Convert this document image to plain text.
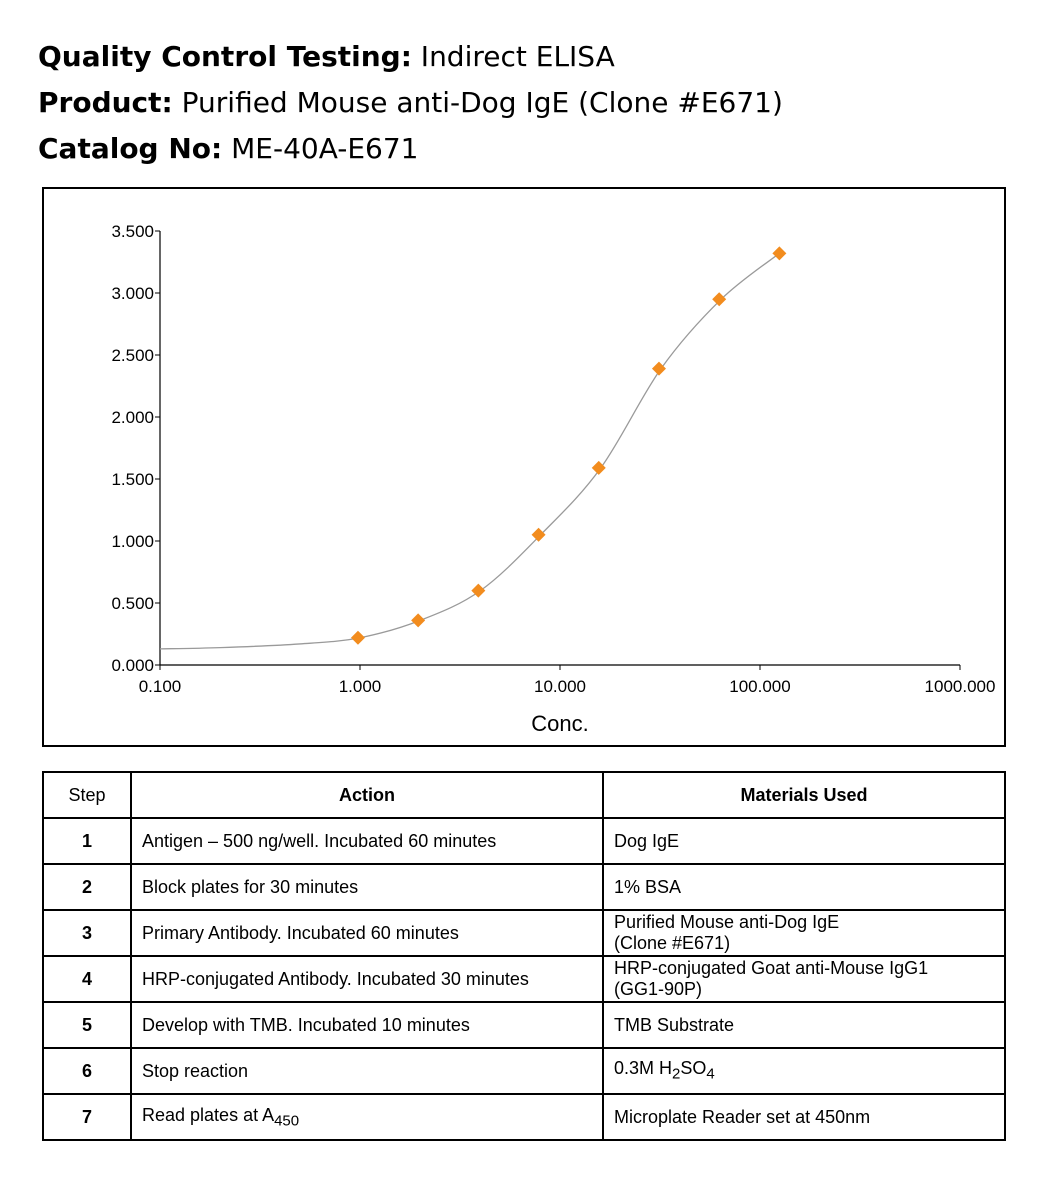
Quality Control Testing: Indirect ELISA
Product: Purified Mouse anti-Dog IgE (Clone #E671)
Catalog No: ME-40A-E671
0.000
0.500
1.000
1.500
2.000
2.500
3.000
3.500
0.100	1.000	10.000	100.000	1000.000
Conc.
Step	Action	Materials Used
1	Antigen – 500 ng/well. Incubated 60 minutes	Dog IgE
2	Block plates for 30 minutes	1% BSA
3	Primary Antibody. Incubated 60 minutes	Purified Mouse anti-Dog IgE
(Clone #E671)
4	HRP-conjugated Antibody. Incubated 30 minutes	HRP-conjugated Goat anti-Mouse IgG1
(GG1-90P)
5	Develop with TMB. Incubated 10 minutes	TMB Substrate
6	Stop reaction	0.3M $H_2SO_4$
7	Read plates at $A_{450}$	Microplate Reader set at 450nm
